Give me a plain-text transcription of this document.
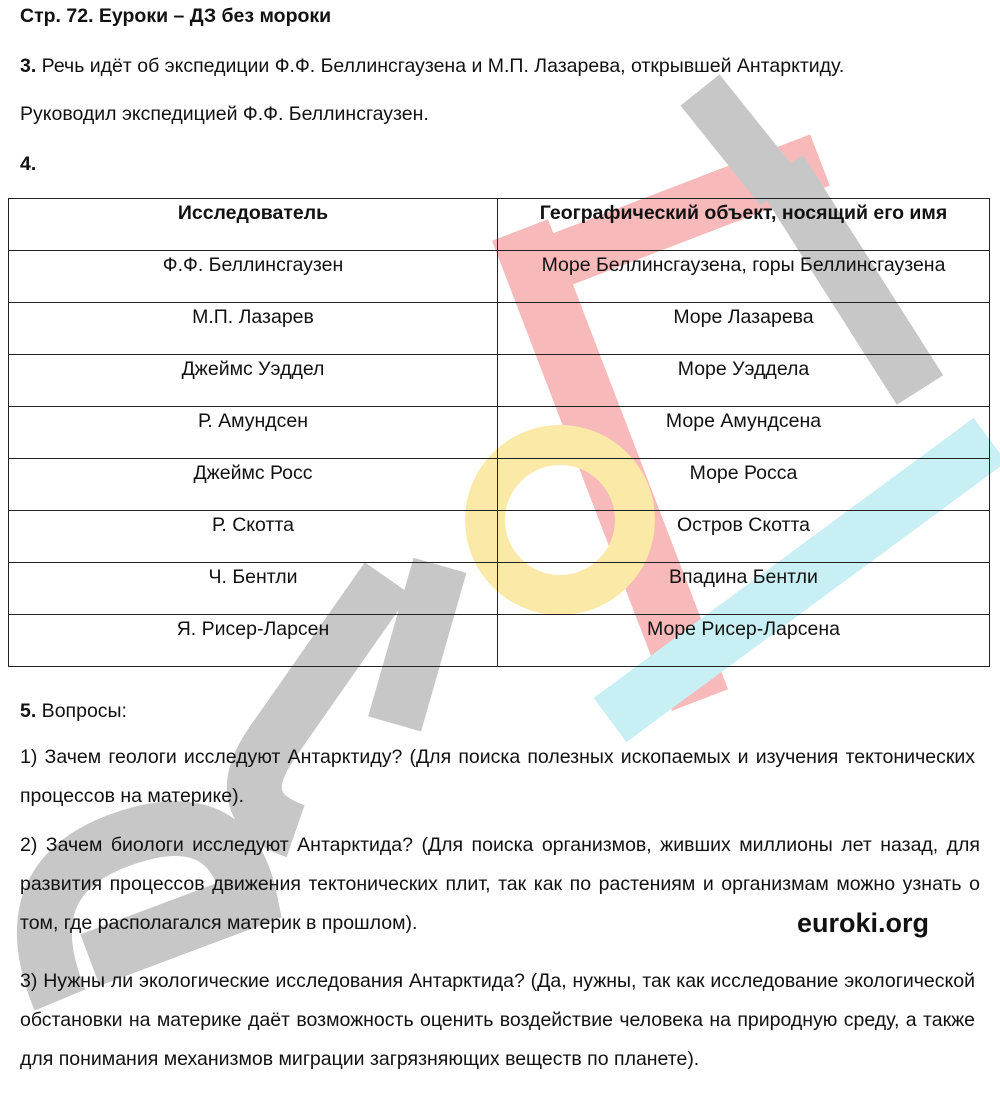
Стр. 72. Еуроки – ДЗ без мороки
3. Речь идёт об экспедиции Ф.Ф. Беллинсгаузена и М.П. Лазарева, открывшей Антарктиду.
Руководил экспедицией Ф.Ф. Беллинсгаузен.
4.
Исследователь	Географический объект, носящий его имя
Ф.Ф. Беллинсгаузен	Море Беллинсгаузена, горы Беллинсгаузена
М.П. Лазарев	Море Лазарева
Джеймс Уэддел	Море Уэддела
Р. Амундсен	Море Амундсена
Джеймс Росс	Море Росса
Р. Скотта	Остров Скотта
Ч. Бентли	Впадина Бентли
Я. Рисер-Ларсен	Море Рисер-Ларсена
5. Вопросы:
1) Зачем геологи исследуют Антарктиду? (Для поиска полезных ископаемых и изучения тектонических процессов на материке).
2) Зачем биологи исследуют Антарктида? (Для поиска организмов, живших миллионы лет назад, для развития процессов движения тектонических плит, так как по растениям и организмам можно узнать о том, где располагался материк в прошлом).	euroki.org
3) Нужны ли экологические исследования Антарктида? (Да, нужны, так как исследование экологической обстановки на материке даёт возможность оценить воздействие человека на природную среду, а также для понимания механизмов миграции загрязняющих веществ по планете).
